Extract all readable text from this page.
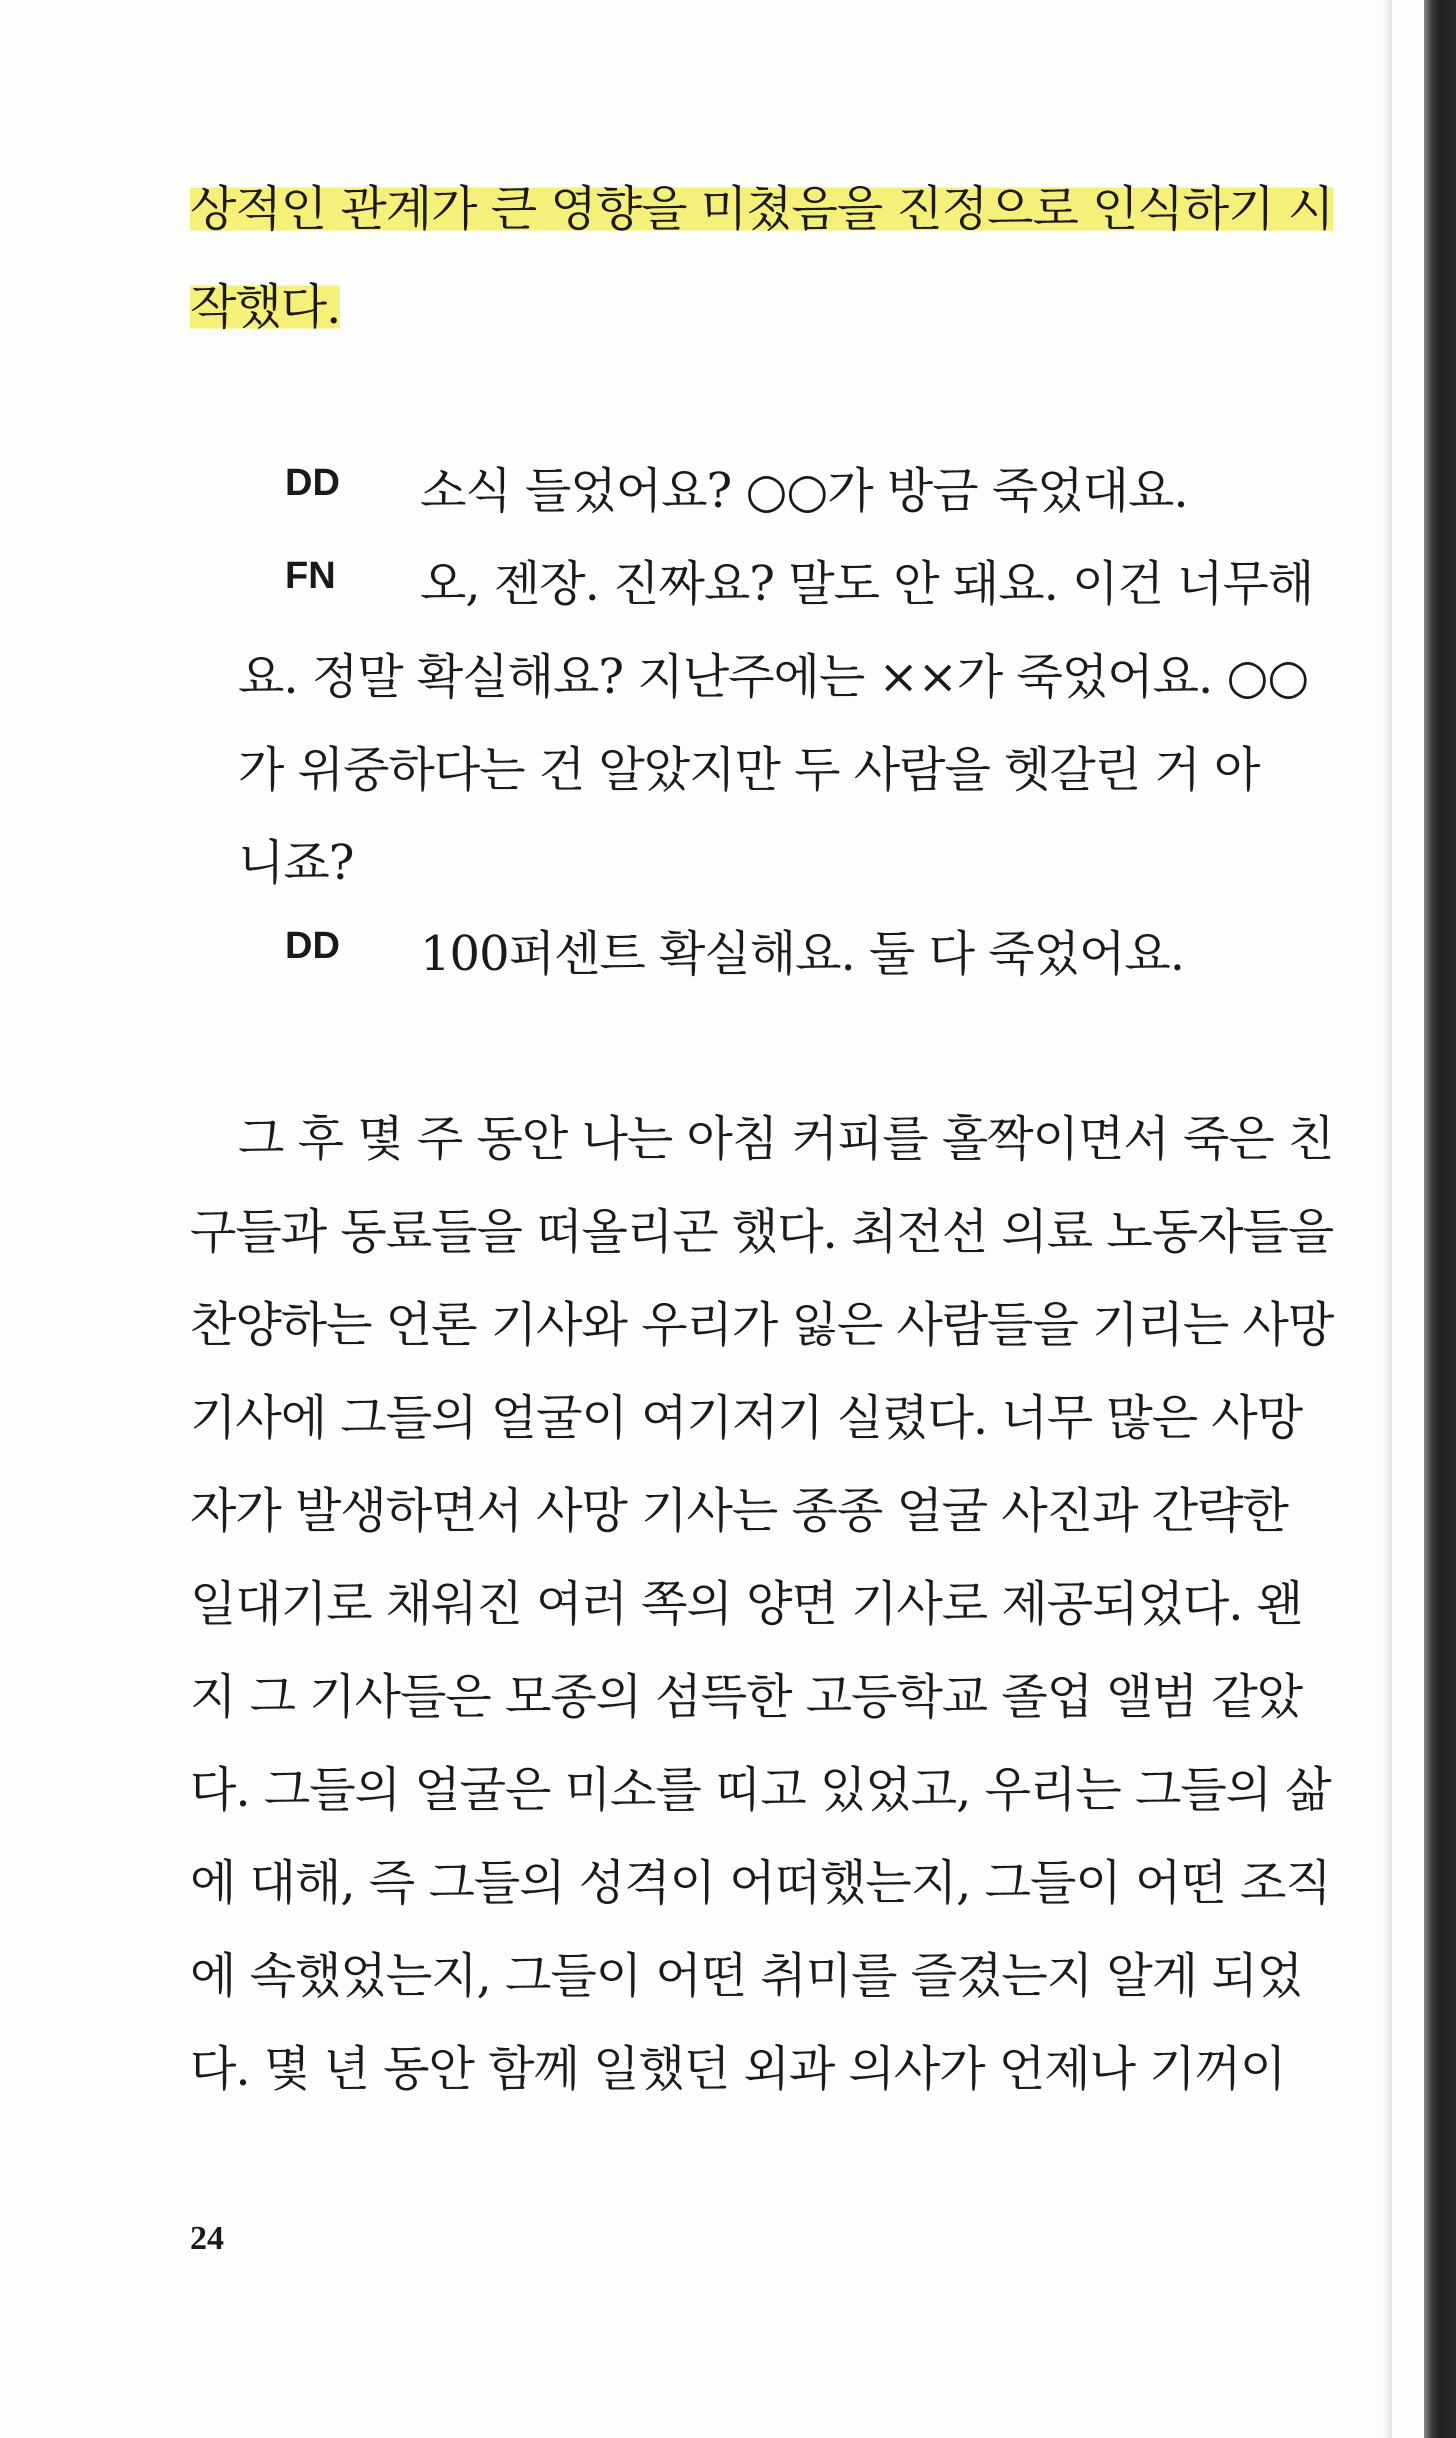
상적인 관계가 큰 영향을 미쳤음을 진정으로 인식하기 시
작했다.
DD 소식 들었어요? ○○가 방금 죽었대요.
FN 오, 젠장. 진짜요? 말도 안 돼요. 이건 너무해
요. 정말 확실해요? 지난주에는 ××가 죽었어요. ○○
가 위중하다는 건 알았지만 두 사람을 헷갈린 거 아
니죠?
DD 100퍼센트 확실해요. 둘 다 죽었어요.
그 후 몇 주 동안 나는 아침 커피를 홀짝이면서 죽은 친
구들과 동료들을 떠올리곤 했다. 최전선 의료 노동자들을
찬양하는 언론 기사와 우리가 잃은 사람들을 기리는 사망
기사에 그들의 얼굴이 여기저기 실렸다. 너무 많은 사망
자가 발생하면서 사망 기사는 종종 얼굴 사진과 간략한
일대기로 채워진 여러 쪽의 양면 기사로 제공되었다. 왠
지 그 기사들은 모종의 섬뜩한 고등학교 졸업 앨범 같았
다. 그들의 얼굴은 미소를 띠고 있었고, 우리는 그들의 삶
에 대해, 즉 그들의 성격이 어떠했는지, 그들이 어떤 조직
에 속했었는지, 그들이 어떤 취미를 즐겼는지 알게 되었
다. 몇 년 동안 함께 일했던 외과 의사가 언제나 기꺼이
24
